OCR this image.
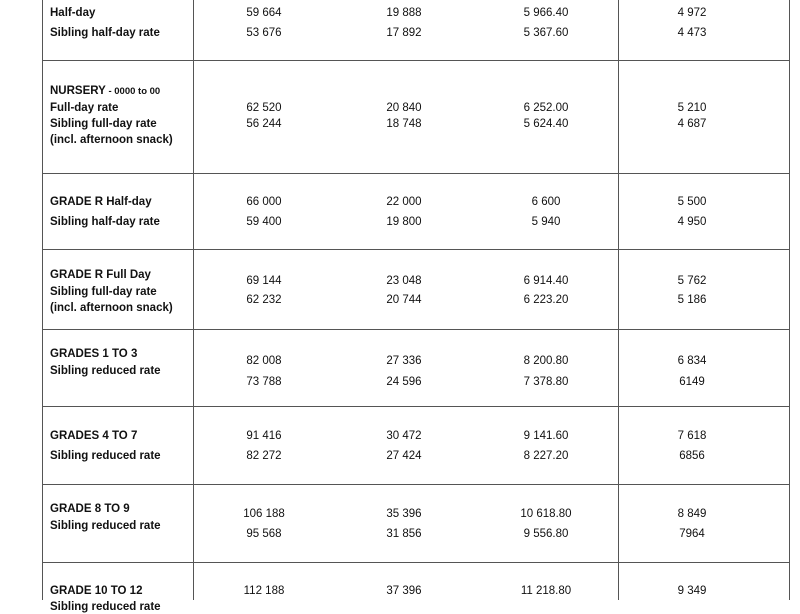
Half-day
Sibling half-day rate
59 664	19 888	5 966.40	4 972
53 676	17 892	5 367.60	4 473
NURSERY - 0000 to 00
Full-day rate
Sibling full-day rate
(incl. afternoon snack)
62 520	20 840	6 252.00	5 210
56 244	18 748	5 624.40	4 687
GRADE R Half-day
Sibling half-day rate
66 000	22 000	6 600	5 500
59 400	19 800	5 940	4 950
GRADE R Full Day
Sibling full-day rate
(incl. afternoon snack)
69 144	23 048	6 914.40	5 762
62 232	20 744	6 223.20	5 186
GRADES 1 TO 3
Sibling reduced rate
82 008	27 336	8 200.80	6 834
73 788	24 596	7 378.80	6149
GRADES 4 TO 7
Sibling reduced rate
91 416	30 472	9 141.60	7 618
82 272	27 424	8 227.20	6856
GRADE 8 TO 9
Sibling reduced rate
106 188	35 396	10 618.80	8 849
95 568	31 856	9 556.80	7964
GRADE 10 TO 12
Sibling reduced rate
112 188	37 396	11 218.80	9 349
